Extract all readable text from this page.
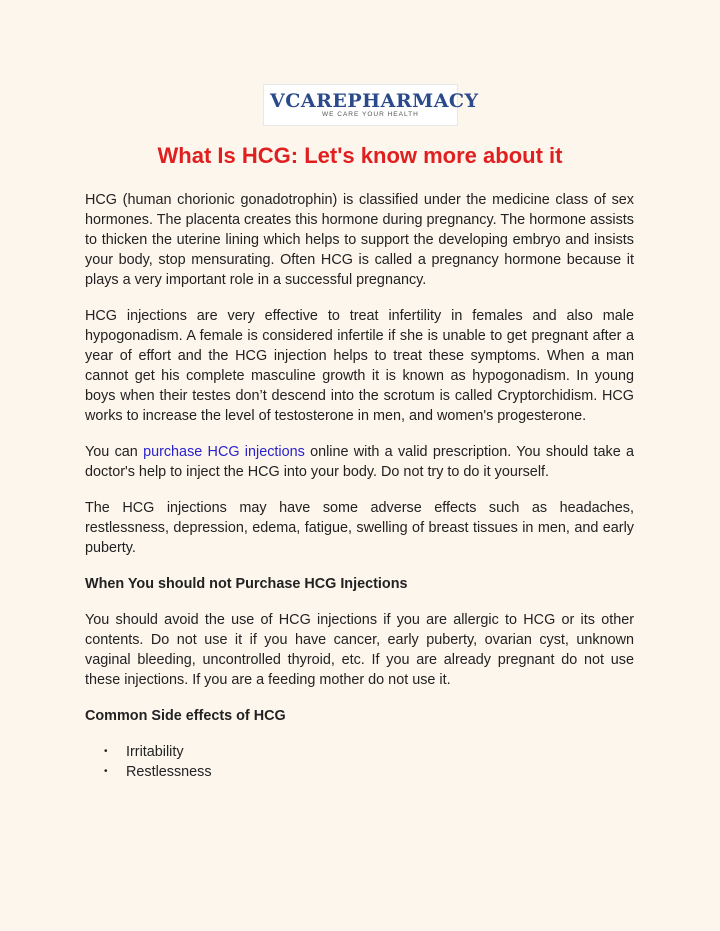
VCAREPHARMACY
WE CARE YOUR HEALTH
What Is HCG: Let's know more about it

HCG (human chorionic gonadotrophin) is classified under the medicine class of sex hormones. The placenta creates this hormone during pregnancy. The hormone assists to thicken the uterine lining which helps to support the developing embryo and insists your body, stop mensurating. Often HCG is called a pregnancy hormone because it plays a very important role in a successful pregnancy.

HCG injections are very effective to treat infertility in females and also male hypogonadism. A female is considered infertile if she is unable to get pregnant after a year of effort and the HCG injection helps to treat these symptoms. When a man cannot get his complete masculine growth it is known as hypogonadism. In young boys when their testes don’t descend into the scrotum is called Cryptorchidism. HCG works to increase the level of testosterone in men, and women's progesterone.

You can purchase HCG injections online with a valid prescription. You should take a doctor's help to inject the HCG into your body. Do not try to do it yourself.

The HCG injections may have some adverse effects such as headaches, restlessness, depression, edema, fatigue, swelling of breast tissues in men, and early puberty.

When You should not Purchase HCG Injections

You should avoid the use of HCG injections if you are allergic to HCG or its other contents. Do not use it if you have cancer, early puberty, ovarian cyst, unknown vaginal bleeding, uncontrolled thyroid, etc. If you are already pregnant do not use these injections. If you are a feeding mother do not use it.

Common Side effects of HCG

• Irritability
• Restlessness
